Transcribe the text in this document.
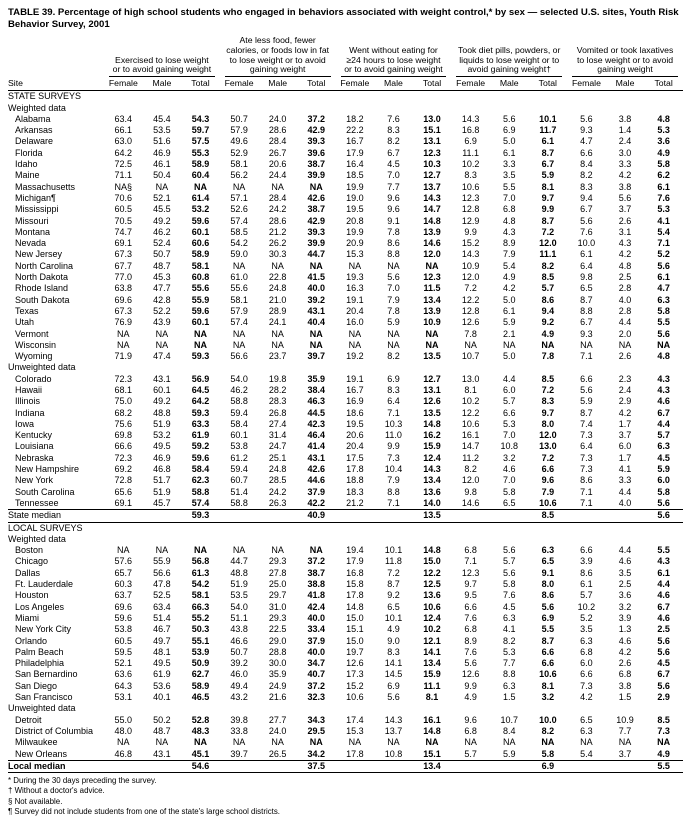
TABLE 39. Percentage of high school students who engaged in behaviors associated with weight control,* by sex — selected U.S. sites, Youth Risk Behavior Survey, 2001
Site	Exercised to lose weight or to avoid gaining weight			Ate less food, fewer calories, or foods low in fat to lose weight or to avoid gaining weight			Went without eating for ≥24 hours to lose weight or to avoid gaining weight			Took diet pills, powders, or liquids to lose weight or to avoid gaining weight†			Vomited or took laxatives to lose weight or to avoid gaining weight		

	Female	Male	Total	Female	Male	Total	Female	Male	Total	Female	Male	Total	Female	Male	Total
STATE SURVEYS															
Weighted data															
Alabama	63.4	45.4	54.3	50.7	24.0	37.2	18.2	7.6	13.0	14.3	5.6	10.1	5.6	3.8	4.8
Arkansas	66.1	53.5	59.7	57.9	28.6	42.9	22.2	8.3	15.1	16.8	6.9	11.7	9.3	1.4	5.3
Delaware	63.0	51.6	57.5	49.6	28.4	39.3	16.7	8.2	13.1	6.9	5.0	6.1	4.7	2.4	3.6
Florida	64.2	46.9	55.3	52.9	26.7	39.6	17.9	6.7	12.3	11.1	6.1	8.7	6.6	3.0	4.9
Idaho	72.5	46.1	58.9	58.1	20.6	38.7	16.4	4.5	10.3	10.2	3.3	6.7	8.4	3.3	5.8
Maine	71.1	50.4	60.4	56.2	24.4	39.9	18.5	7.0	12.7	8.3	3.5	5.9	8.2	4.2	6.2
Massachusetts	NA§	NA	NA	NA	NA	NA	19.9	7.7	13.7	10.6	5.5	8.1	8.3	3.8	6.1
Michigan¶	70.6	52.1	61.4	57.1	28.4	42.6	19.0	9.6	14.3	12.3	7.0	9.7	9.4	5.6	7.6
Mississippi	60.5	45.5	53.2	52.6	24.2	38.7	19.5	9.6	14.7	12.8	6.8	9.9	6.7	3.7	5.3
Missouri	70.5	49.2	59.6	57.4	28.6	42.9	20.8	9.1	14.8	12.9	4.8	8.7	5.6	2.6	4.1
Montana	74.7	46.2	60.1	58.5	21.2	39.3	19.9	7.8	13.9	9.9	4.3	7.2	7.6	3.1	5.4
Nevada	69.1	52.4	60.6	54.2	26.2	39.9	20.9	8.6	14.6	15.2	8.9	12.0	10.0	4.3	7.1
New Jersey	67.3	50.7	58.9	59.0	30.3	44.7	15.3	8.8	12.0	14.3	7.9	11.1	6.1	4.2	5.2
North Carolina	67.7	48.7	58.1	NA	NA	NA	NA	NA	NA	10.9	5.4	8.2	6.4	4.8	5.6
North Dakota	77.0	45.3	60.8	61.0	22.8	41.5	19.3	5.6	12.3	12.0	4.9	8.5	9.8	2.5	6.1
Rhode Island	63.8	47.7	55.6	55.6	24.8	40.0	16.3	7.0	11.5	7.2	4.2	5.7	6.5	2.8	4.7
South Dakota	69.6	42.8	55.9	58.1	21.0	39.2	19.1	7.9	13.4	12.2	5.0	8.6	8.7	4.0	6.3
Texas	67.3	52.2	59.6	57.9	28.9	43.1	20.4	7.8	13.9	12.8	6.1	9.4	8.8	2.8	5.8
Utah	76.9	43.9	60.1	57.4	24.1	40.4	16.0	5.9	10.9	12.6	5.9	9.2	6.7	4.4	5.5
Vermont	NA	NA	NA	NA	NA	NA	NA	NA	NA	7.8	2.1	4.9	9.3	2.0	5.6
Wisconsin	NA	NA	NA	NA	NA	NA	NA	NA	NA	NA	NA	NA	NA	NA	NA
Wyoming	71.9	47.4	59.3	56.6	23.7	39.7	19.2	8.2	13.5	10.7	5.0	7.8	7.1	2.6	4.8
Unweighted data															
Colorado	72.3	43.1	56.9	54.0	19.8	35.9	19.1	6.9	12.7	13.0	4.4	8.5	6.6	2.3	4.3
Hawaii	68.1	60.1	64.5	46.2	28.2	38.4	16.7	8.3	13.1	8.1	6.0	7.2	5.6	2.4	4.3
Illinois	75.0	49.2	64.2	58.8	28.3	46.3	16.9	6.4	12.6	10.2	5.7	8.3	5.9	2.9	4.6
Indiana	68.2	48.8	59.3	59.4	26.8	44.5	18.6	7.1	13.5	12.2	6.6	9.7	8.7	4.2	6.7
Iowa	75.6	51.9	63.3	58.4	27.4	42.3	19.5	10.3	14.8	10.6	5.3	8.0	7.4	1.7	4.4
Kentucky	69.8	53.2	61.9	60.1	31.4	46.4	20.6	11.0	16.2	16.1	7.0	12.0	7.3	3.7	5.7
Louisiana	66.6	49.5	59.2	53.8	24.7	41.4	20.4	9.9	15.9	14.7	10.8	13.0	6.4	6.0	6.3
Nebraska	72.3	46.9	59.6	61.2	25.1	43.1	17.5	7.3	12.4	11.2	3.2	7.2	7.3	1.7	4.5
New Hampshire	69.2	46.8	58.4	59.4	24.8	42.6	17.8	10.4	14.3	8.2	4.6	6.6	7.3	4.1	5.9
New York	72.8	51.7	62.3	60.7	28.5	44.6	18.8	7.9	13.4	12.0	7.0	9.6	8.6	3.3	6.0
South Carolina	65.6	51.9	58.8	51.4	24.2	37.9	18.3	8.8	13.6	9.8	5.8	7.9	7.1	4.4	5.8
Tennessee	69.1	45.7	57.4	58.8	26.3	42.2	21.2	7.1	14.0	14.6	6.5	10.6	7.1	4.0	5.6
State median			59.3			40.9			13.5			8.5			5.6
LOCAL SURVEYS															
Weighted data															
Boston	NA	NA	NA	NA	NA	NA	19.4	10.1	14.8	6.8	5.6	6.3	6.6	4.4	5.5
Chicago	57.6	55.9	56.8	44.7	29.3	37.2	17.9	11.8	15.0	7.1	5.7	6.5	3.9	4.6	4.3
Dallas	65.7	56.6	61.3	48.8	27.8	38.7	16.8	7.2	12.2	12.3	5.6	9.1	8.6	3.5	6.1
Ft. Lauderdale	60.3	47.8	54.2	51.9	25.0	38.8	15.8	8.7	12.5	9.7	5.8	8.0	6.1	2.5	4.4
Houston	63.7	52.5	58.1	53.5	29.7	41.8	17.8	9.2	13.6	9.5	7.6	8.6	5.7	3.6	4.6
Los Angeles	69.6	63.4	66.3	54.0	31.0	42.4	14.8	6.5	10.6	6.6	4.5	5.6	10.2	3.2	6.7
Miami	59.6	51.4	55.2	51.1	29.3	40.0	15.0	10.1	12.4	7.6	6.3	6.9	5.2	3.9	4.6
New York City	53.8	46.7	50.3	43.8	22.5	33.4	15.1	4.9	10.2	6.8	4.1	5.5	3.5	1.3	2.5
Orlando	60.5	49.7	55.1	46.6	29.0	37.9	15.0	9.0	12.1	8.9	8.2	8.7	6.3	4.6	5.6
Palm Beach	59.5	48.1	53.9	50.7	28.8	40.0	19.7	8.3	14.1	7.6	5.3	6.6	6.8	4.2	5.6
Philadelphia	52.1	49.5	50.9	39.2	30.0	34.7	12.6	14.1	13.4	5.6	7.7	6.6	6.0	2.6	4.5
San Bernardino	63.6	61.9	62.7	46.0	35.9	40.7	17.3	14.5	15.9	12.6	8.8	10.6	6.6	6.8	6.7
San Diego	64.3	53.6	58.9	49.4	24.9	37.2	15.2	6.9	11.1	9.9	6.3	8.1	7.3	3.8	5.6
San Francisco	53.1	40.1	46.5	43.2	21.6	32.3	10.6	5.6	8.1	4.9	1.5	3.2	4.2	1.5	2.9
Unweighted data															
Detroit	55.0	50.2	52.8	39.8	27.7	34.3	17.4	14.3	16.1	9.6	10.7	10.0	6.5	10.9	8.5
District of Columbia	48.0	48.7	48.3	33.8	24.0	29.5	15.3	13.7	14.8	6.8	8.4	8.2	6.3	7.7	7.3
Milwaukee	NA	NA	NA	NA	NA	NA	NA	NA	NA	NA	NA	NA	NA	NA	NA
New Orleans	46.8	43.1	45.1	39.7	26.5	34.2	17.8	10.8	15.1	5.7	5.9	5.8	5.4	3.7	4.9
Local median			54.6			37.5			13.4			6.9			5.5
* During the 30 days preceding the survey.
† Without a doctor's advice.
§ Not available.
¶ Survey did not include students from one of the state's large school districts.
